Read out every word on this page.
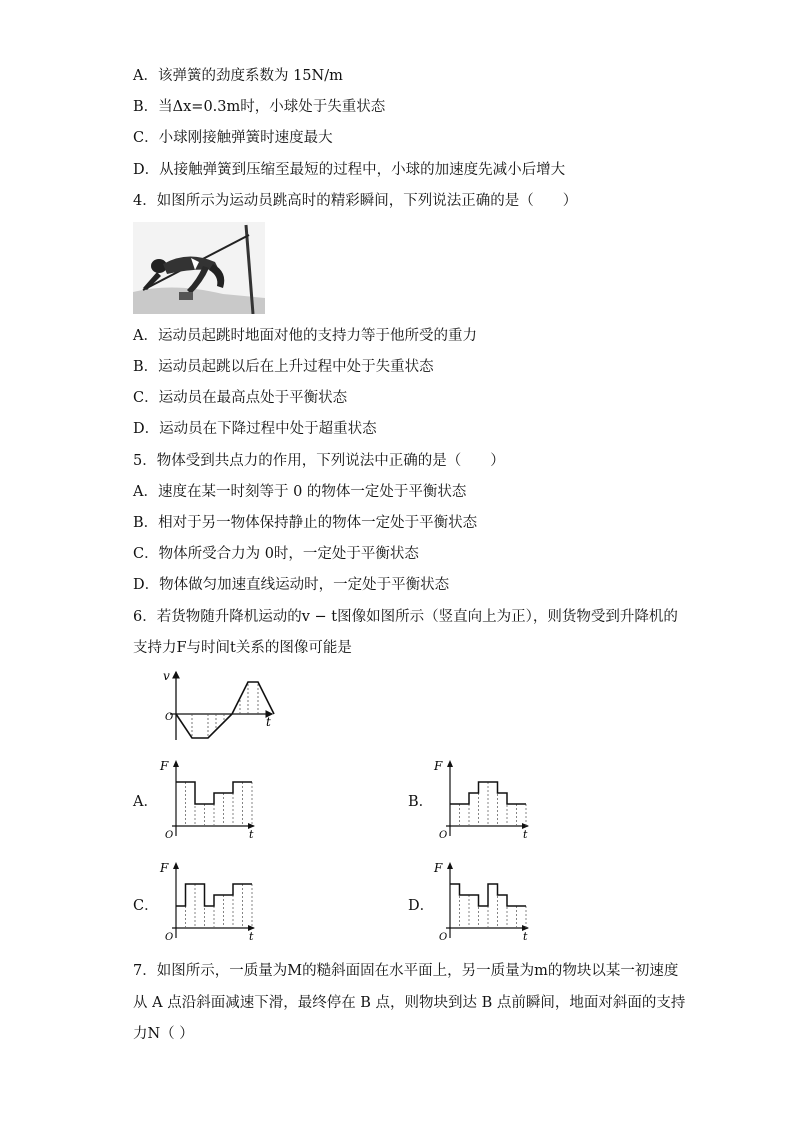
A．该弹簧的劲度系数为 15N/m
B．当Δx=0.3m时，小球处于失重状态
C．小球刚接触弹簧时速度最大
D．从接触弹簧到压缩至最短的过程中，小球的加速度先减小后增大
4．如图所示为运动员跳高时的精彩瞬间，下列说法正确的是（　　）
A．运动员起跳时地面对他的支持力等于他所受的重力
B．运动员起跳以后在上升过程中处于失重状态
C．运动员在最高点处于平衡状态
D．运动员在下降过程中处于超重状态
5．物体受到共点力的作用，下列说法中正确的是（　　）
A．速度在某一时刻等于 0 的物体一定处于平衡状态
B．相对于另一物体保持静止的物体一定处于平衡状态
C．物体所受合力为 0时，一定处于平衡状态
D．物体做匀加速直线运动时，一定处于平衡状态
6．若货物随升降机运动的v − t图像如图所示（竖直向上为正），则货物受到升降机的
支持力F与时间t关系的图像可能是
v
t
O
A．
F
t
O
B．
F
t
O
C．
F
t
O
D．
F
t
O
7．如图所示，一质量为M的糙斜面固在水平面上，另一质量为m的物块以某一初速度
从 A 点沿斜面减速下滑，最终停在 B 点，则物块到达 B 点前瞬间，地面对斜面的支持
力N（ ）
